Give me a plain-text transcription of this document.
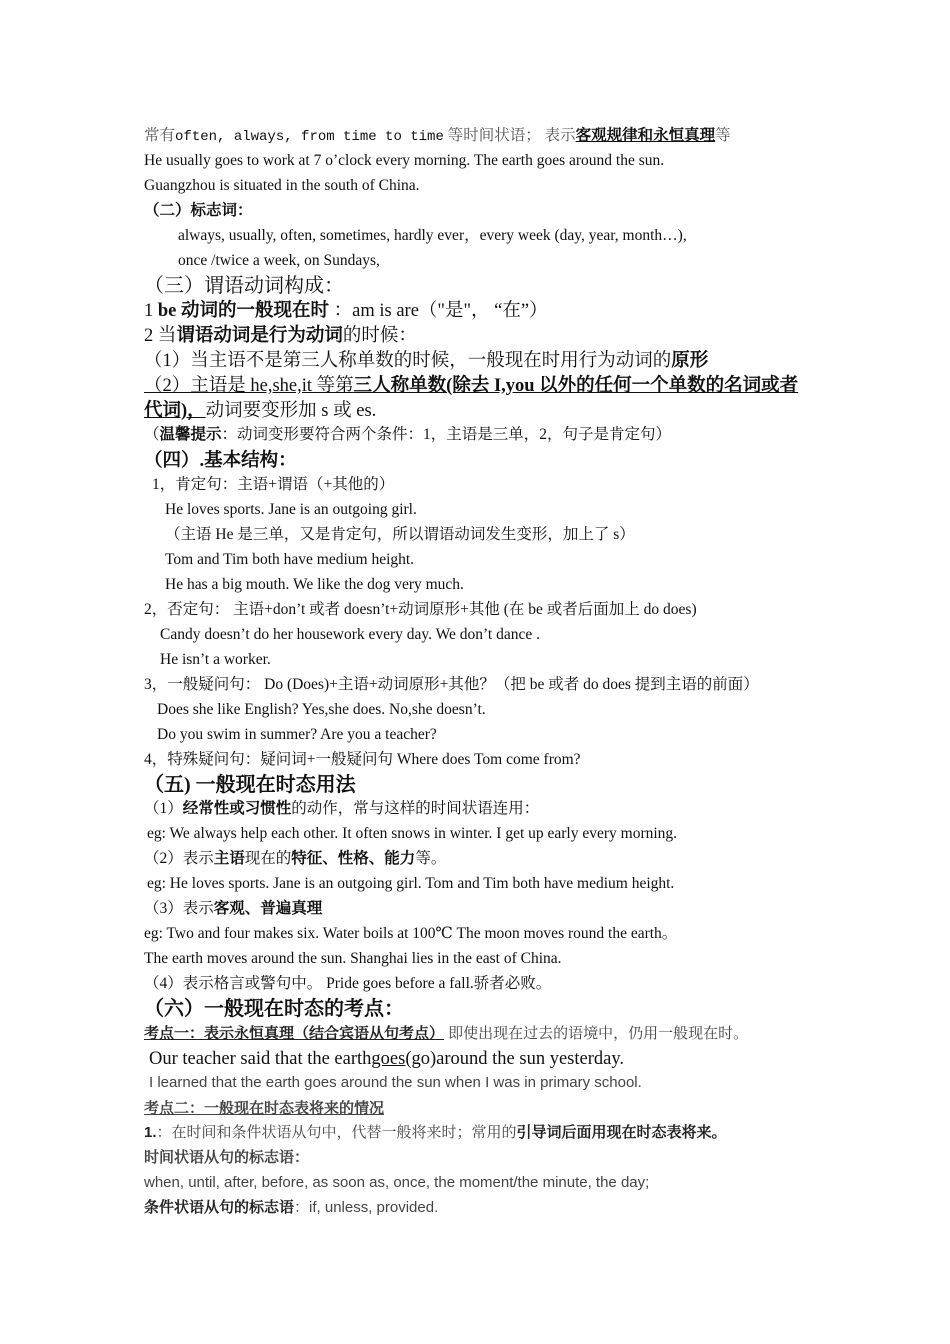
常有often, always, from time to time 等时间状语； 表示客观规律和永恒真理等
He usually goes to work at 7 o’clock every morning. The earth goes around the sun.
Guangzhou is situated in the south of China.
（二）标志词：
always, usually, often, sometimes, hardly ever，every week (day, year, month…),
once /twice a week, on Sundays,
（三）谓语动词构成：
1 be 动词的一般现在时 ：am is are（"是"， “在”）
2 当谓语动词是行为动词的时候：
（1）当主语不是第三人称单数的时候，一般现在时用行为动词的原形
（2）主语是 he,she,it 等第三人称单数(除去 I,you 以外的任何一个单数的名词或者
代词)，动词要变形加 s 或 es.
（温馨提示：动词变形要符合两个条件：1，主语是三单，2，句子是肯定句）
（四）.基本结构：
1，肯定句：主语+谓语（+其他的）
He loves sports. Jane is an outgoing girl.
（主语 He 是三单，又是肯定句，所以谓语动词发生变形，加上了 s）
Tom and Tim both have medium height.
He has a big mouth. We like the dog very much.
2，否定句： 主语+don’t 或者 doesn’t+动词原形+其他 (在 be 或者后面加上 do does)
Candy doesn’t do her housework every day. We don’t dance .
He isn’t a worker.
3，一般疑问句： Do (Does)+主语+动词原形+其他？（把 be 或者 do does 提到主语的前面）
Does she like English? Yes,she does. No,she doesn’t.
Do you swim in summer? Are you a teacher?
4，特殊疑问句：疑问词+一般疑问句 Where does Tom come from?
（五) 一般现在时态用法
（1）经常性或习惯性的动作，常与这样的时间状语连用：
eg: We always help each other. It often snows in winter. I get up early every morning.
（2）表示主语现在的特征、性格、能力等。
eg: He loves sports. Jane is an outgoing girl. Tom and Tim both have medium height.
（3）表示客观、普遍真理
eg: Two and four makes six. Water boils at 100℃ The moon moves round the earth。
The earth moves around the sun. Shanghai lies in the east of China.
（4）表示格言或警句中。 Pride goes before a fall.骄者必败。
（六）一般现在时态的考点：
考点一：表示永恒真理（结合宾语从句考点） 即使出现在过去的语境中，仍用一般现在时。
Our teacher said that the earthgoes(go)around the sun yesterday.
I learned that the earth goes around the sun when I was in primary school.
考点二：一般现在时态表将来的情况
1.：在时间和条件状语从句中，代替一般将来时；常用的引导词后面用现在时态表将来。
时间状语从句的标志语：
when, until, after, before, as soon as, once, the moment/the minute, the day;
条件状语从句的标志语：if, unless, provided.
